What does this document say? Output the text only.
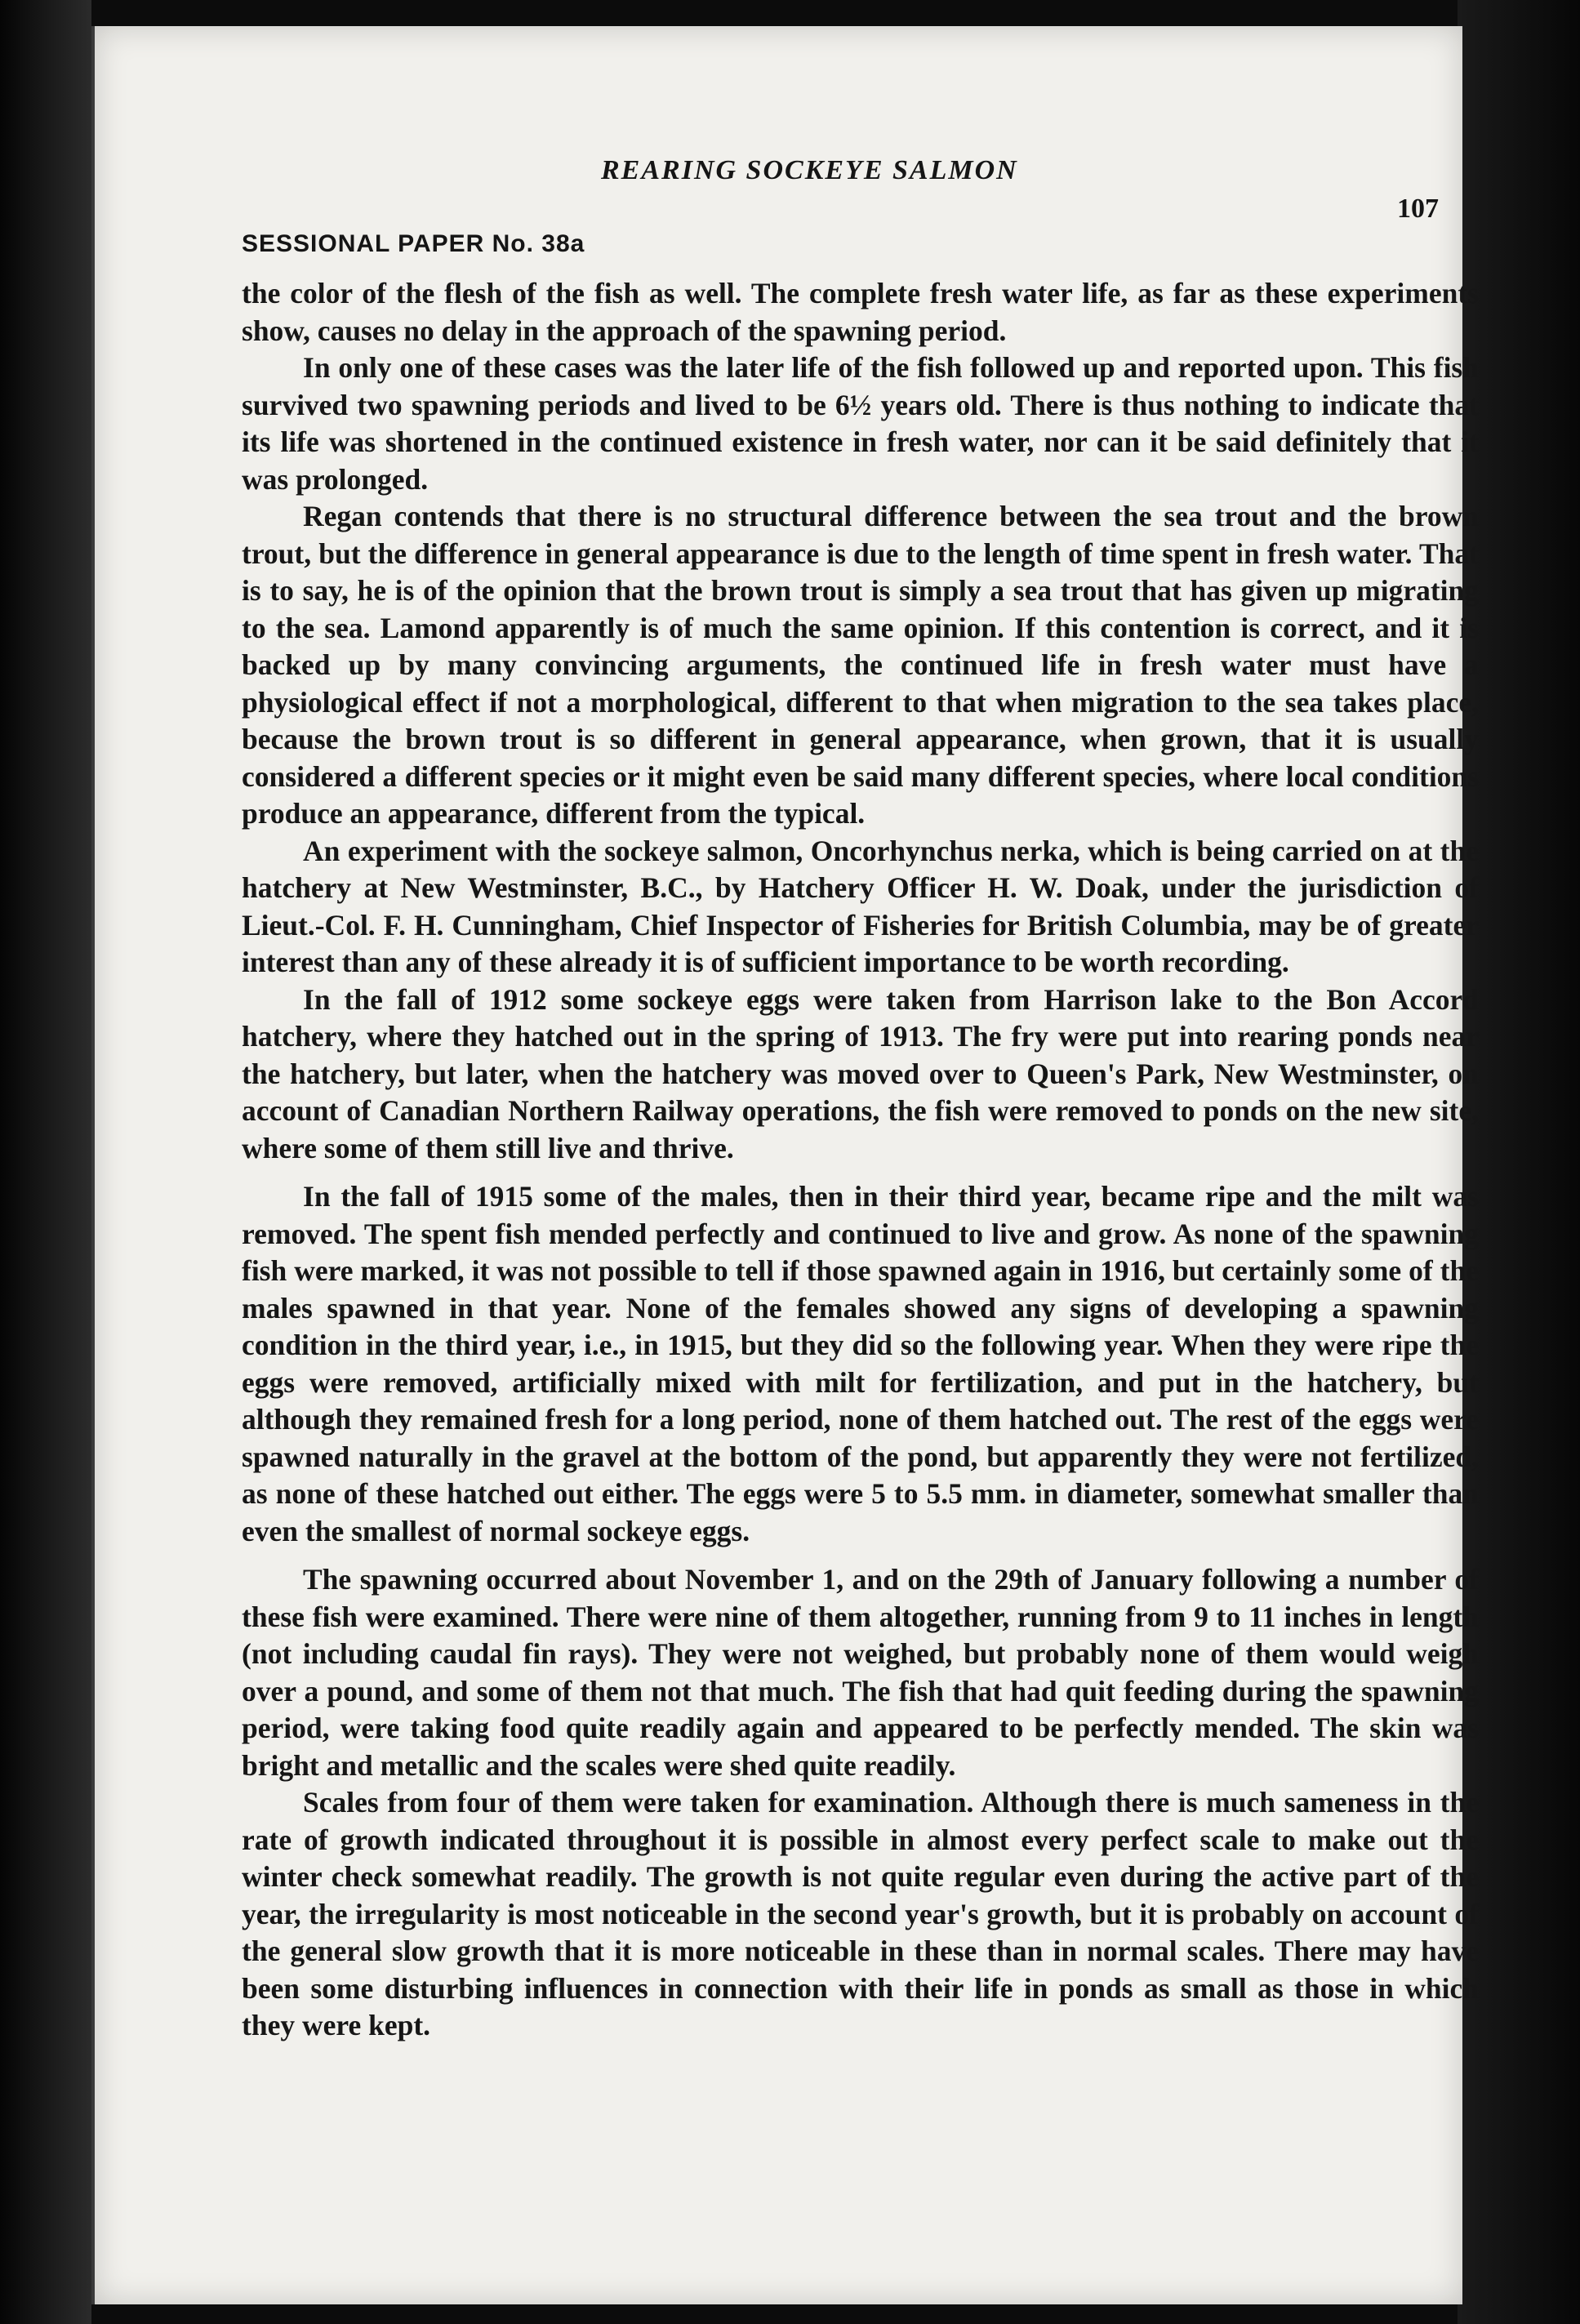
REARING SOCKEYE SALMON
107
SESSIONAL PAPER No. 38a

the color of the flesh of the fish as well. The complete fresh water life, as far as these experiments show, causes no delay in the approach of the spawning period.

In only one of these cases was the later life of the fish followed up and reported upon. This fish survived two spawning periods and lived to be 6½ years old. There is thus nothing to indicate that its life was shortened in the continued existence in fresh water, nor can it be said definitely that it was prolonged.

Regan contends that there is no structural difference between the sea trout and the brown trout, but the difference in general appearance is due to the length of time spent in fresh water. That is to say, he is of the opinion that the brown trout is simply a sea trout that has given up migrating to the sea. Lamond apparently is of much the same opinion. If this contention is correct, and it is backed up by many convincing arguments, the continued life in fresh water must have a physiological effect if not a morphological, different to that when migration to the sea takes place, because the brown trout is so different in general appearance, when grown, that it is usually considered a different species or it might even be said many different species, where local conditions produce an appearance, different from the typical.

An experiment with the sockeye salmon, Oncorhynchus nerka, which is being carried on at the hatchery at New Westminster, B.C., by Hatchery Officer H. W. Doak, under the jurisdiction of Lieut.-Col. F. H. Cunningham, Chief Inspector of Fisheries for British Columbia, may be of greater interest than any of these already it is of sufficient importance to be worth recording.

In the fall of 1912 some sockeye eggs were taken from Harrison lake to the Bon Accord hatchery, where they hatched out in the spring of 1913. The fry were put into rearing ponds near the hatchery, but later, when the hatchery was moved over to Queen's Park, New Westminster, on account of Canadian Northern Railway operations, the fish were removed to ponds on the new site, where some of them still live and thrive.

In the fall of 1915 some of the males, then in their third year, became ripe and the milt was removed. The spent fish mended perfectly and continued to live and grow. As none of the spawning fish were marked, it was not possible to tell if those spawned again in 1916, but certainly some of the males spawned in that year. None of the females showed any signs of developing a spawning condition in the third year, i.e., in 1915, but they did so the following year. When they were ripe the eggs were removed, artificially mixed with milt for fertilization, and put in the hatchery, but although they remained fresh for a long period, none of them hatched out. The rest of the eggs were spawned naturally in the gravel at the bottom of the pond, but apparently they were not fertilized, as none of these hatched out either. The eggs were 5 to 5.5 mm. in diameter, somewhat smaller than even the smallest of normal sockeye eggs.

The spawning occurred about November 1, and on the 29th of January following a number of these fish were examined. There were nine of them altogether, running from 9 to 11 inches in length (not including caudal fin rays). They were not weighed, but probably none of them would weigh over a pound, and some of them not that much. The fish that had quit feeding during the spawning period, were taking food quite readily again and appeared to be perfectly mended. The skin was bright and metallic and the scales were shed quite readily.

Scales from four of them were taken for examination. Although there is much sameness in the rate of growth indicated throughout it is possible in almost every perfect scale to make out the winter check somewhat readily. The growth is not quite regular even during the active part of the year, the irregularity is most noticeable in the second year's growth, but it is probably on account of the general slow growth that it is more noticeable in these than in normal scales. There may have been some disturbing influences in connection with their life in ponds as small as those in which they were kept.
